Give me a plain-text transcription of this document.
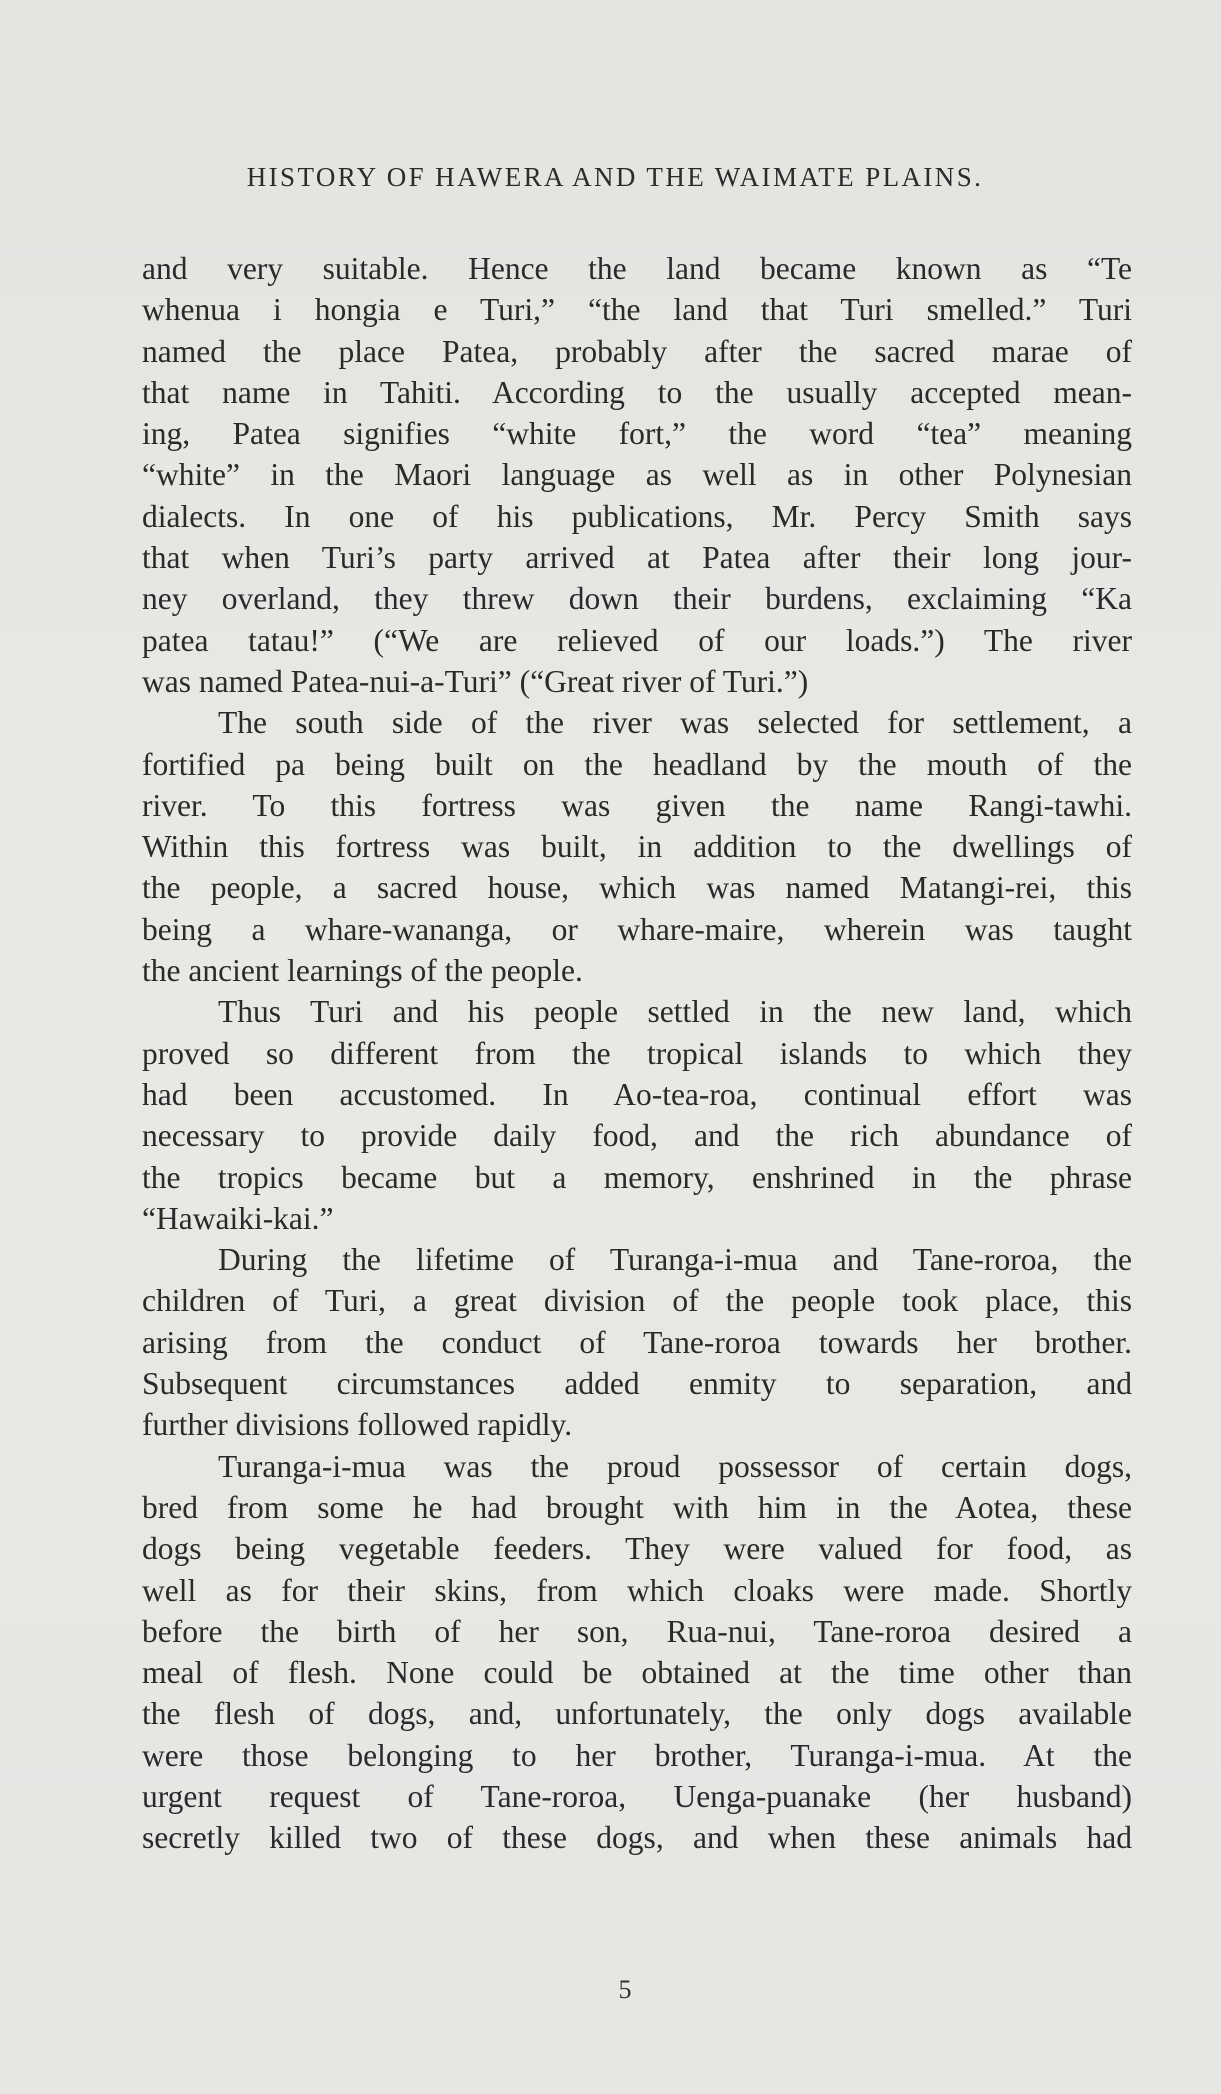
HISTORY OF HAWERA AND THE WAIMATE PLAINS.
and very suitable. Hence the land became known as “Te
whenua i hongia e Turi,” “the land that Turi smelled.” Turi
named the place Patea, probably after the sacred marae of
that name in Tahiti. According to the usually accepted mean-
ing, Patea signifies “white fort,” the word “tea” meaning
“white” in the Maori language as well as in other Polynesian
dialects. In one of his publications, Mr. Percy Smith says
that when Turi’s party arrived at Patea after their long jour-
ney overland, they threw down their burdens, exclaiming “Ka
patea tatau!” (“We are relieved of our loads.”) The river
was named Patea-nui-a-Turi” (“Great river of Turi.”)
The south side of the river was selected for settlement, a
fortified pa being built on the headland by the mouth of the
river. To this fortress was given the name Rangi-tawhi.
Within this fortress was built, in addition to the dwellings of
the people, a sacred house, which was named Matangi-rei, this
being a whare-wananga, or whare-maire, wherein was taught
the ancient learnings of the people.
Thus Turi and his people settled in the new land, which
proved so different from the tropical islands to which they
had been accustomed. In Ao-tea-roa, continual effort was
necessary to provide daily food, and the rich abundance of
the tropics became but a memory, enshrined in the phrase
“Hawaiki-kai.”
During the lifetime of Turanga-i-mua and Tane-roroa, the
children of Turi, a great division of the people took place, this
arising from the conduct of Tane-roroa towards her brother.
Subsequent circumstances added enmity to separation, and
further divisions followed rapidly.
Turanga-i-mua was the proud possessor of certain dogs,
bred from some he had brought with him in the Aotea, these
dogs being vegetable feeders. They were valued for food, as
well as for their skins, from which cloaks were made. Shortly
before the birth of her son, Rua-nui, Tane-roroa desired a
meal of flesh. None could be obtained at the time other than
the flesh of dogs, and, unfortunately, the only dogs available
were those belonging to her brother, Turanga-i-mua. At the
urgent request of Tane-roroa, Uenga-puanake (her husband)
secretly killed two of these dogs, and when these animals had
5
